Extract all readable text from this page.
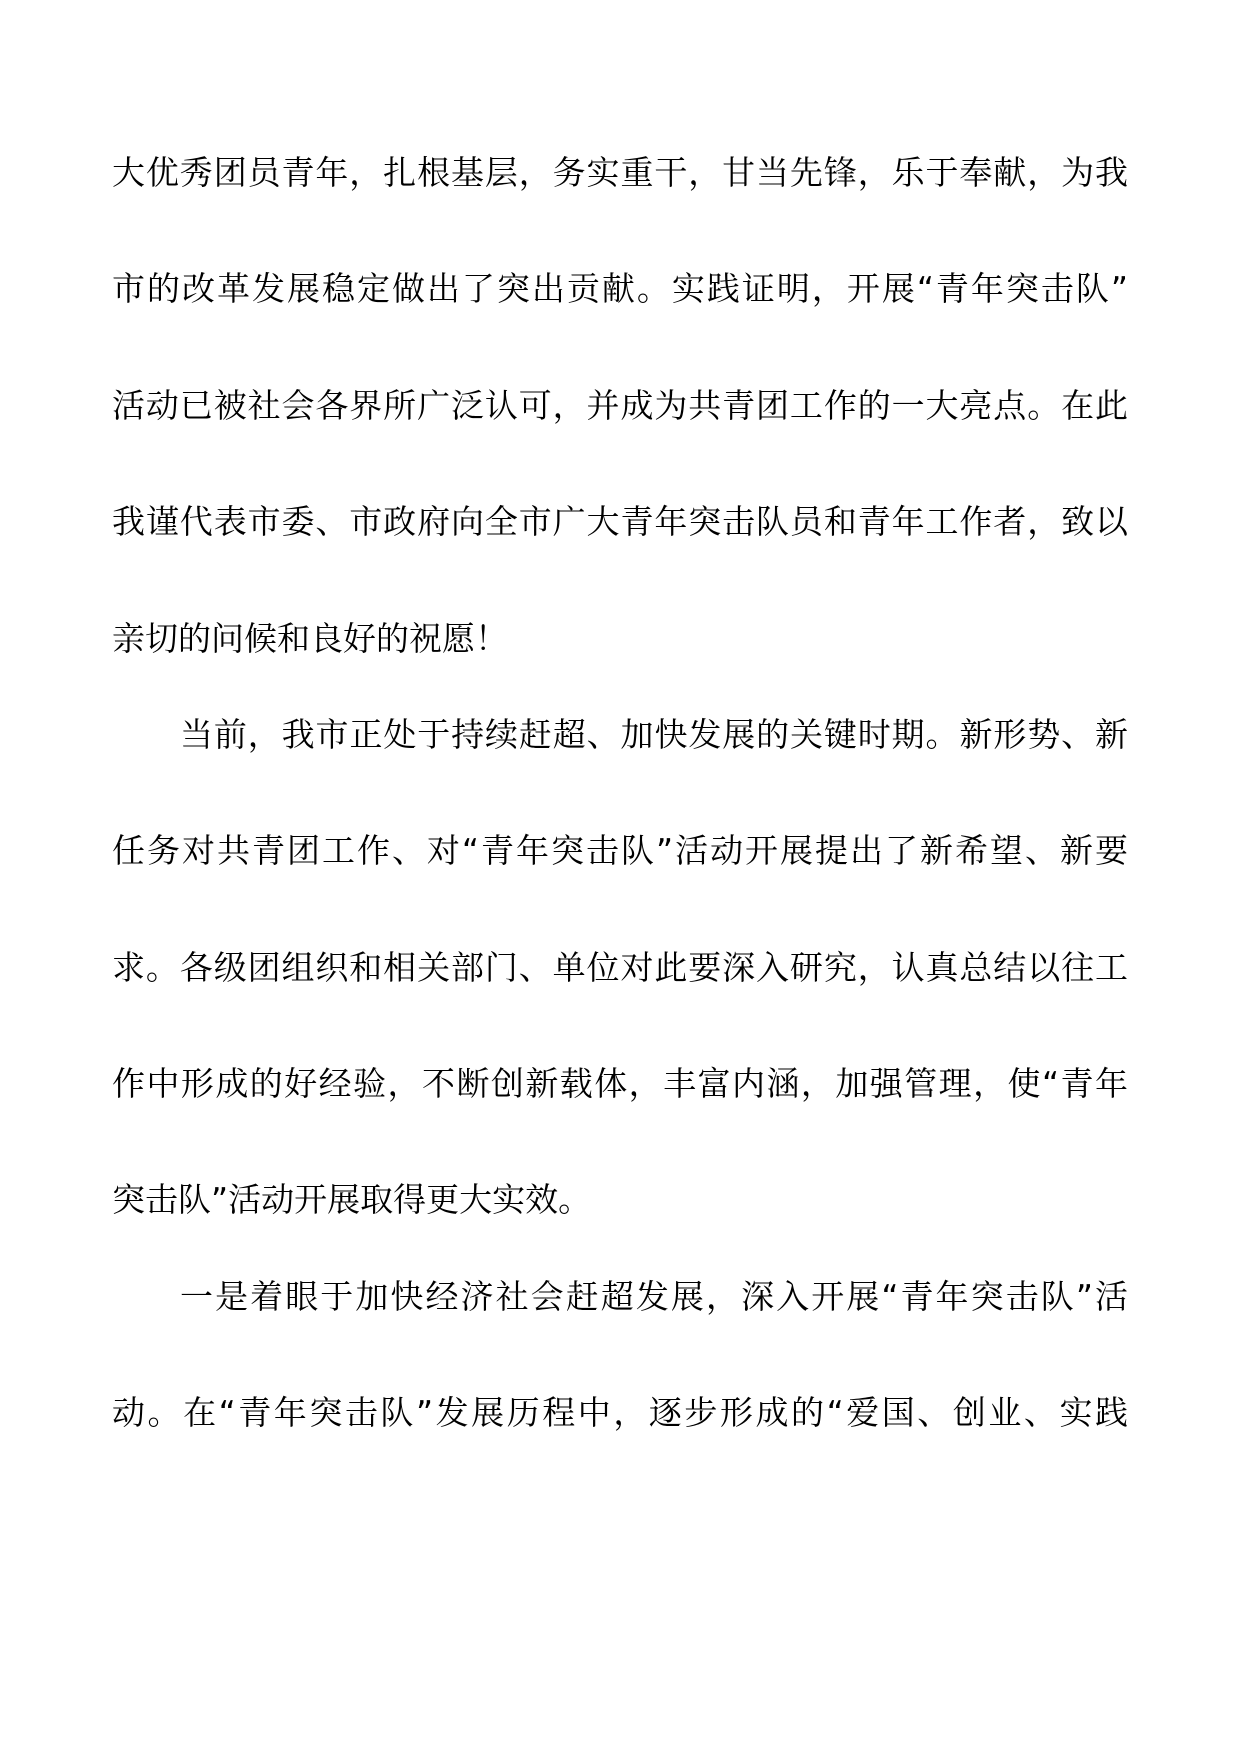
大优秀团员青年，扎根基层，务实重干，甘当先锋，乐于奉献，为我
市的改革发展稳定做出了突出贡献。实践证明，开展“青年突击队”
活动已被社会各界所广泛认可，并成为共青团工作的一大亮点。在此
我谨代表市委、市政府向全市广大青年突击队员和青年工作者，致以
亲切的问候和良好的祝愿！
当前，我市正处于持续赶超、加快发展的关键时期。新形势、新
任务对共青团工作、对“青年突击队”活动开展提出了新希望、新要
求。各级团组织和相关部门、单位对此要深入研究，认真总结以往工
作中形成的好经验，不断创新载体，丰富内涵，加强管理，使“青年
突击队”活动开展取得更大实效。
一是着眼于加快经济社会赶超发展，深入开展“青年突击队”活
动。在“青年突击队”发展历程中，逐步形成的“爱国、创业、实践
